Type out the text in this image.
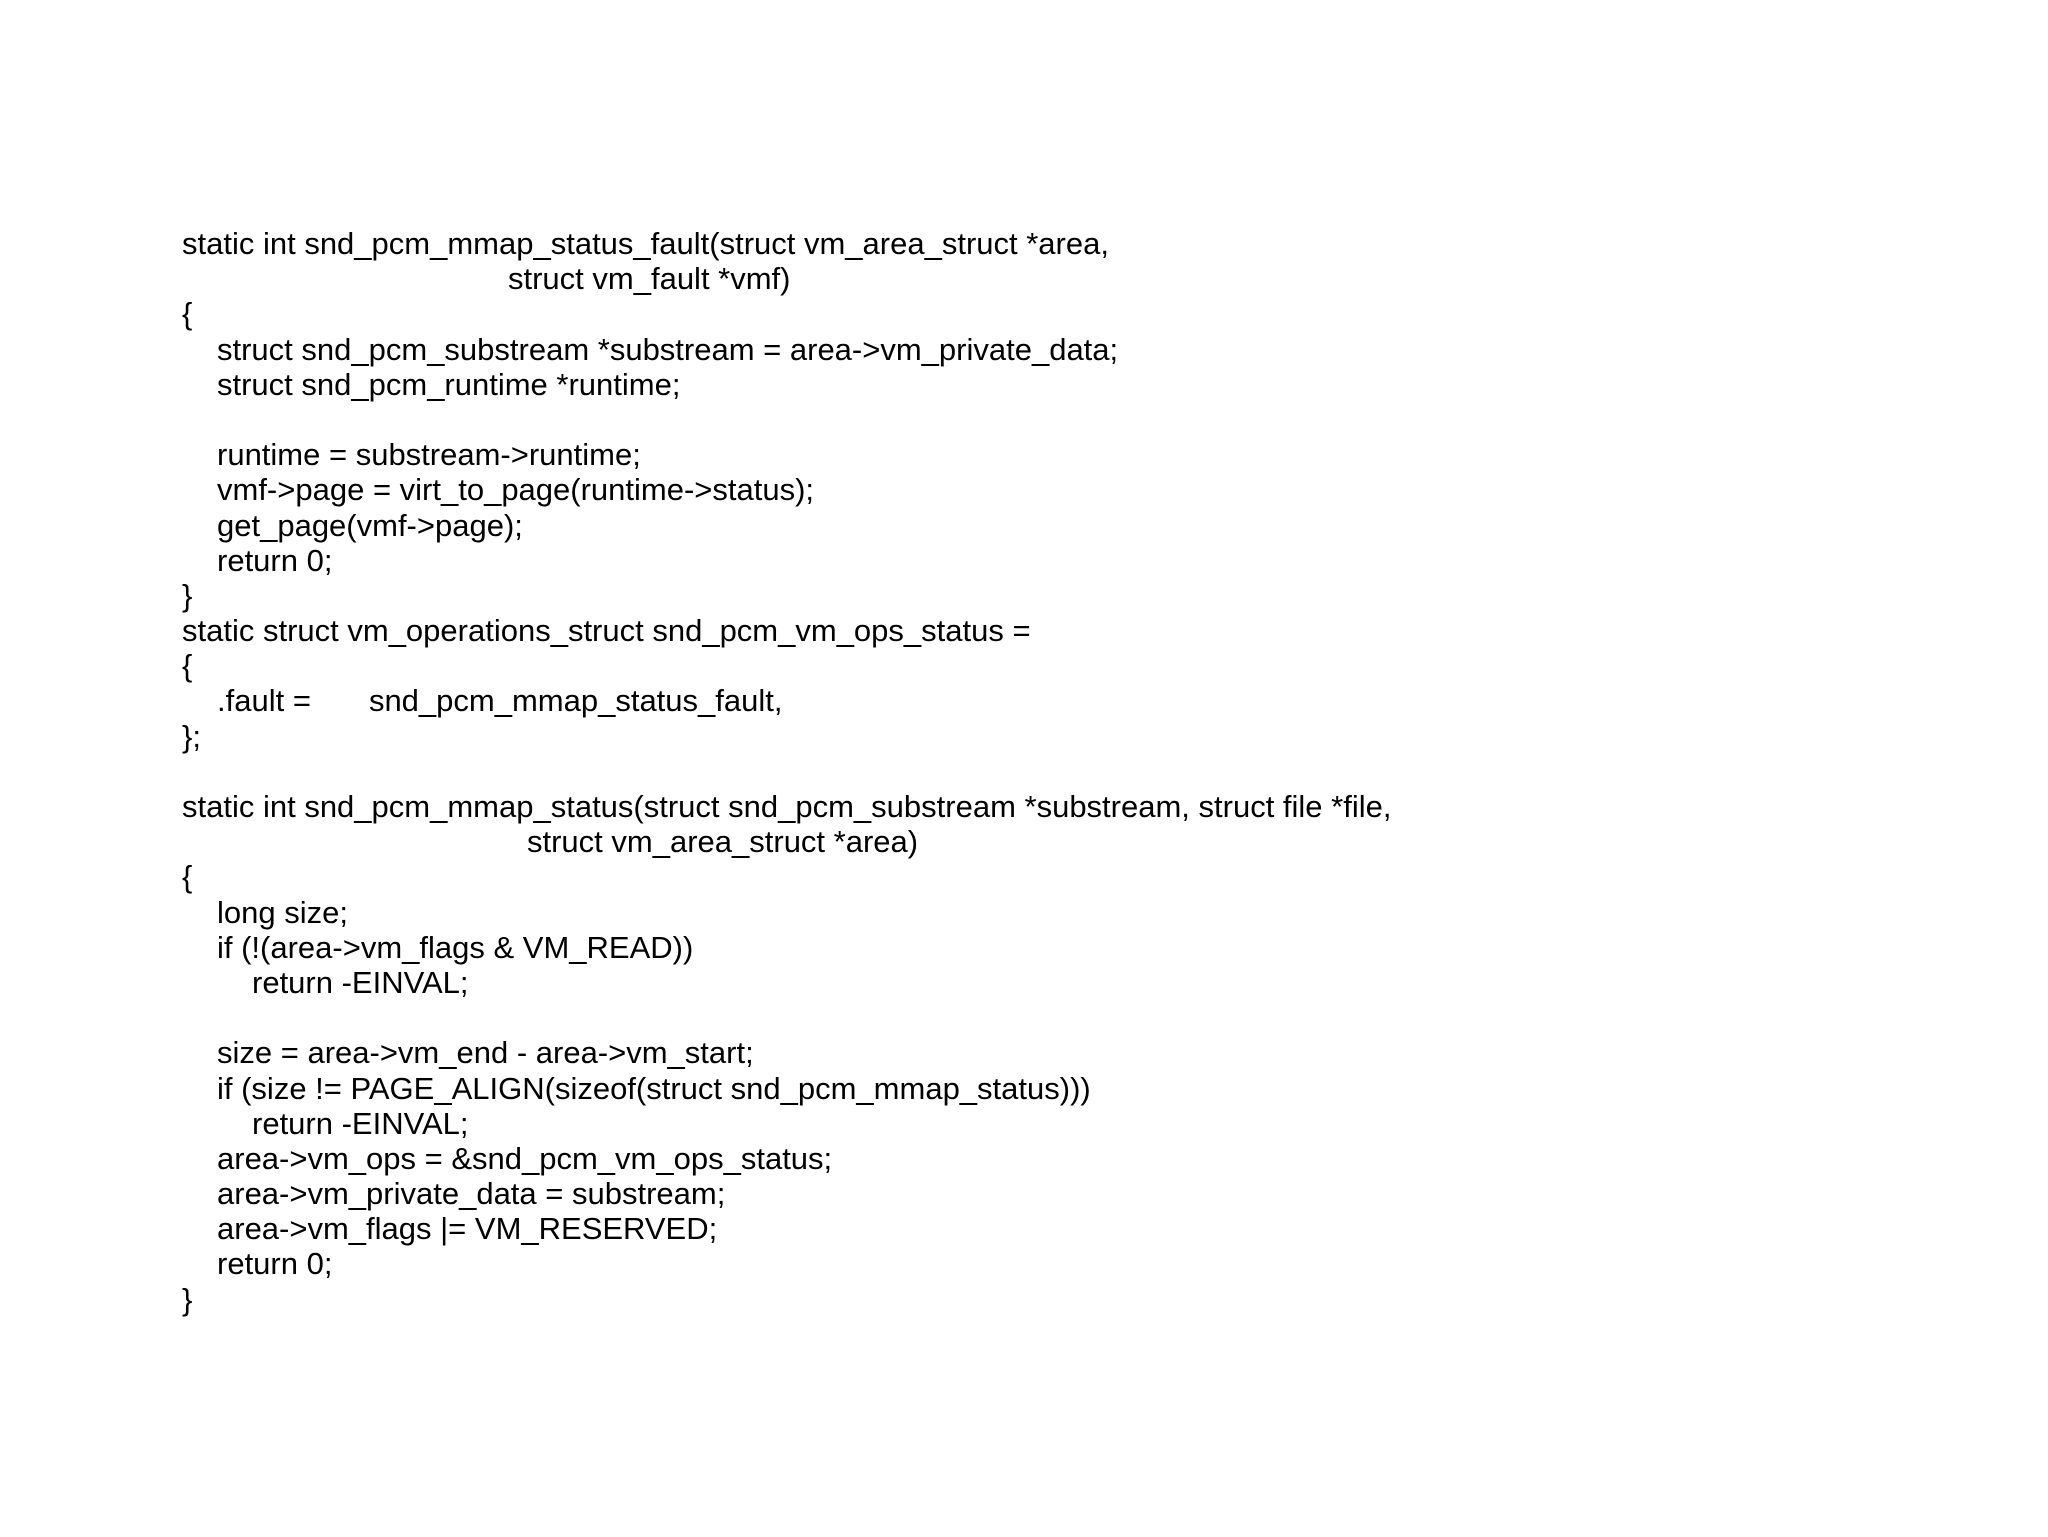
static int snd_pcm_mmap_status_fault(struct vm_area_struct *area,
struct vm_fault *vmf)
{
struct snd_pcm_substream *substream = area->vm_private_data;
struct snd_pcm_runtime *runtime;
runtime = substream->runtime;
vmf->page = virt_to_page(runtime->status);
get_page(vmf->page);
return 0;
}
static struct vm_operations_struct snd_pcm_vm_ops_status =
{
.fault = snd_pcm_mmap_status_fault,
};
static int snd_pcm_mmap_status(struct snd_pcm_substream *substream, struct file *file,
struct vm_area_struct *area)
{
long size;
if (!(area->vm_flags & VM_READ))
return -EINVAL;
size = area->vm_end - area->vm_start;
if (size != PAGE_ALIGN(sizeof(struct snd_pcm_mmap_status)))
return -EINVAL;
area->vm_ops = &snd_pcm_vm_ops_status;
area->vm_private_data = substream;
area->vm_flags |= VM_RESERVED;
return 0;
}
